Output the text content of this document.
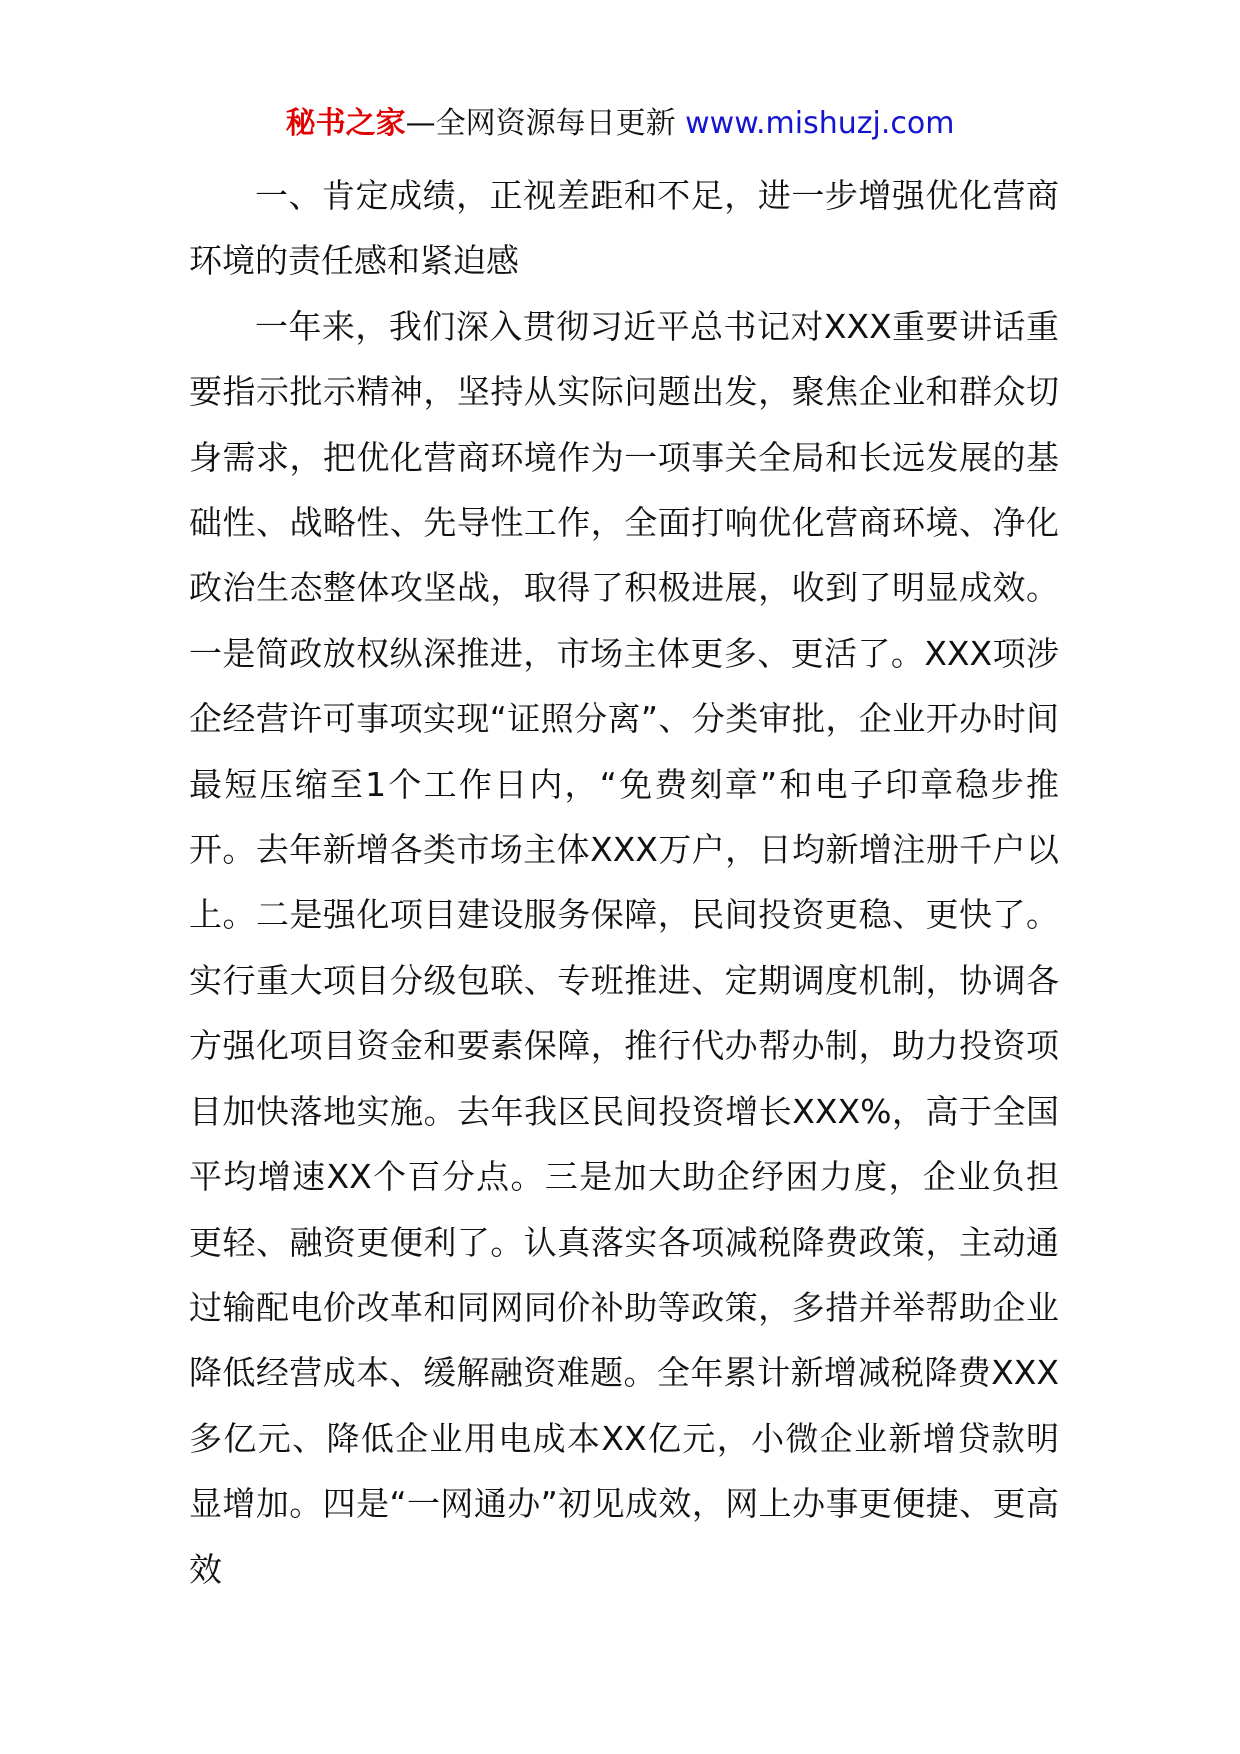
秘书之家—全网资源每日更新 www.mishuzj.com

一、肯定成绩，正视差距和不足，进一步增强优化营商环境的责任感和紧迫感

一年来，我们深入贯彻习近平总书记对XXX重要讲话重要指示批示精神，坚持从实际问题出发，聚焦企业和群众切身需求，把优化营商环境作为一项事关全局和长远发展的基础性、战略性、先导性工作，全面打响优化营商环境、净化政治生态整体攻坚战，取得了积极进展，收到了明显成效。一是简政放权纵深推进，市场主体更多、更活了。XXX项涉企经营许可事项实现“证照分离”、分类审批，企业开办时间最短压缩至1个工作日内，“免费刻章”和电子印章稳步推开。去年新增各类市场主体XXX万户，日均新增注册千户以上。二是强化项目建设服务保障，民间投资更稳、更快了。实行重大项目分级包联、专班推进、定期调度机制，协调各方强化项目资金和要素保障，推行代办帮办制，助力投资项目加快落地实施。去年我区民间投资增长XXX%，高于全国平均增速XX个百分点。三是加大助企纾困力度，企业负担更轻、融资更便利了。认真落实各项减税降费政策，主动通过输配电价改革和同网同价补助等政策，多措并举帮助企业降低经营成本、缓解融资难题。全年累计新增减税降费XXX多亿元、降低企业用电成本XX亿元，小微企业新增贷款明显增加。四是“一网通办”初见成效，网上办事更便捷、更高效
